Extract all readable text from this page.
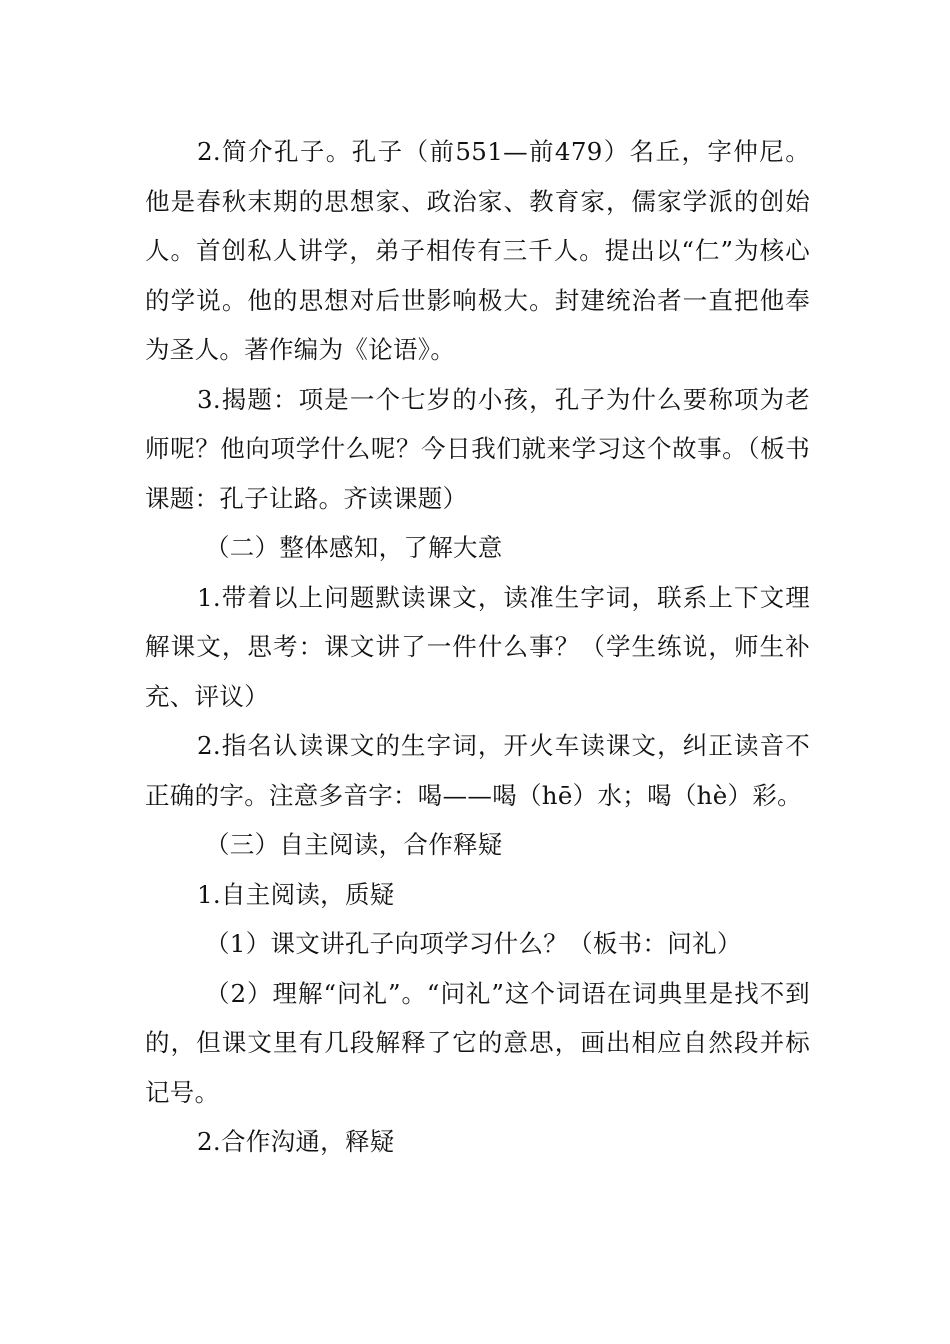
2.简介孔子。孔子（前551—前479）名丘，字仲尼。他是春秋末期的思想家、政治家、教育家，儒家学派的创始人。首创私人讲学，弟子相传有三千人。提出以“仁”为核心的学说。他的思想对后世影响极大。封建统治者一直把他奉为圣人。著作编为《论语》。

3.揭题：项是一个七岁的小孩，孔子为什么要称项为老师呢？他向项学什么呢？今日我们就来学习这个故事。（板书课题：孔子让路。齐读课题）

（二）整体感知，了解大意

1.带着以上问题默读课文，读准生字词，联系上下文理解课文，思考：课文讲了一件什么事？（学生练说，师生补充、评议）

2.指名认读课文的生字词，开火车读课文，纠正读音不正确的字。注意多音字：喝——喝（hē）水；喝（hè）彩。

（三）自主阅读，合作释疑

1.自主阅读，质疑

（1）课文讲孔子向项学习什么？（板书：问礼）

（2）理解“问礼”。“问礼”这个词语在词典里是找不到的，但课文里有几段解释了它的意思，画出相应自然段并标记号。

2.合作沟通，释疑
